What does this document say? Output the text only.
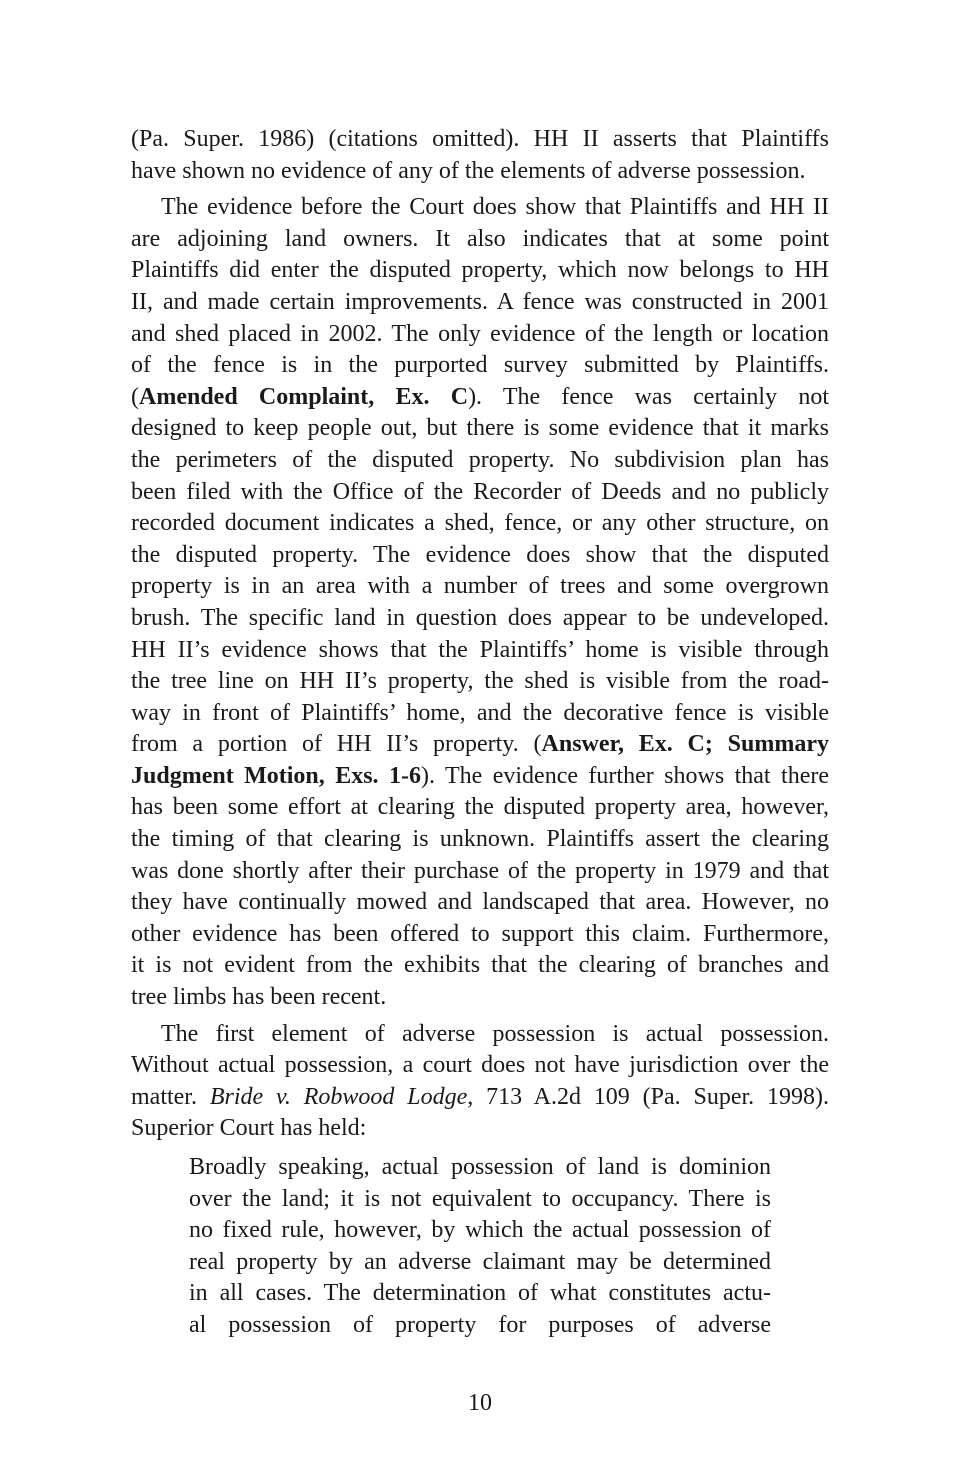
(Pa. Super. 1986) (citations omitted). HH II asserts that Plaintiffs
have shown no evidence of any of the elements of adverse possession.
The evidence before the Court does show that Plaintiffs and HH II
are adjoining land owners. It also indicates that at some point
Plaintiffs did enter the disputed property, which now belongs to HH
II, and made certain improvements. A fence was constructed in 2001
and shed placed in 2002. The only evidence of the length or location
of the fence is in the purported survey submitted by Plaintiffs.
(Amended Complaint, Ex. C). The fence was certainly not
designed to keep people out, but there is some evidence that it marks
the perimeters of the disputed property. No subdivision plan has
been filed with the Office of the Recorder of Deeds and no publicly
recorded document indicates a shed, fence, or any other structure, on
the disputed property. The evidence does show that the disputed
property is in an area with a number of trees and some overgrown
brush. The specific land in question does appear to be undeveloped.
HH II’s evidence shows that the Plaintiffs’ home is visible through
the tree line on HH II’s property, the shed is visible from the road-
way in front of Plaintiffs’ home, and the decorative fence is visible
from a portion of HH II’s property. (Answer, Ex. C; Summary
Judgment Motion, Exs. 1-6). The evidence further shows that there
has been some effort at clearing the disputed property area, however,
the timing of that clearing is unknown. Plaintiffs assert the clearing
was done shortly after their purchase of the property in 1979 and that
they have continually mowed and landscaped that area. However, no
other evidence has been offered to support this claim. Furthermore,
it is not evident from the exhibits that the clearing of branches and
tree limbs has been recent.
The first element of adverse possession is actual possession.
Without actual possession, a court does not have jurisdiction over the
matter. Bride v. Robwood Lodge, 713 A.2d 109 (Pa. Super. 1998).
Superior Court has held:
Broadly speaking, actual possession of land is dominion
over the land; it is not equivalent to occupancy. There is
no fixed rule, however, by which the actual possession of
real property by an adverse claimant may be determined
in all cases. The determination of what constitutes actu-
al possession of property for purposes of adverse
10
